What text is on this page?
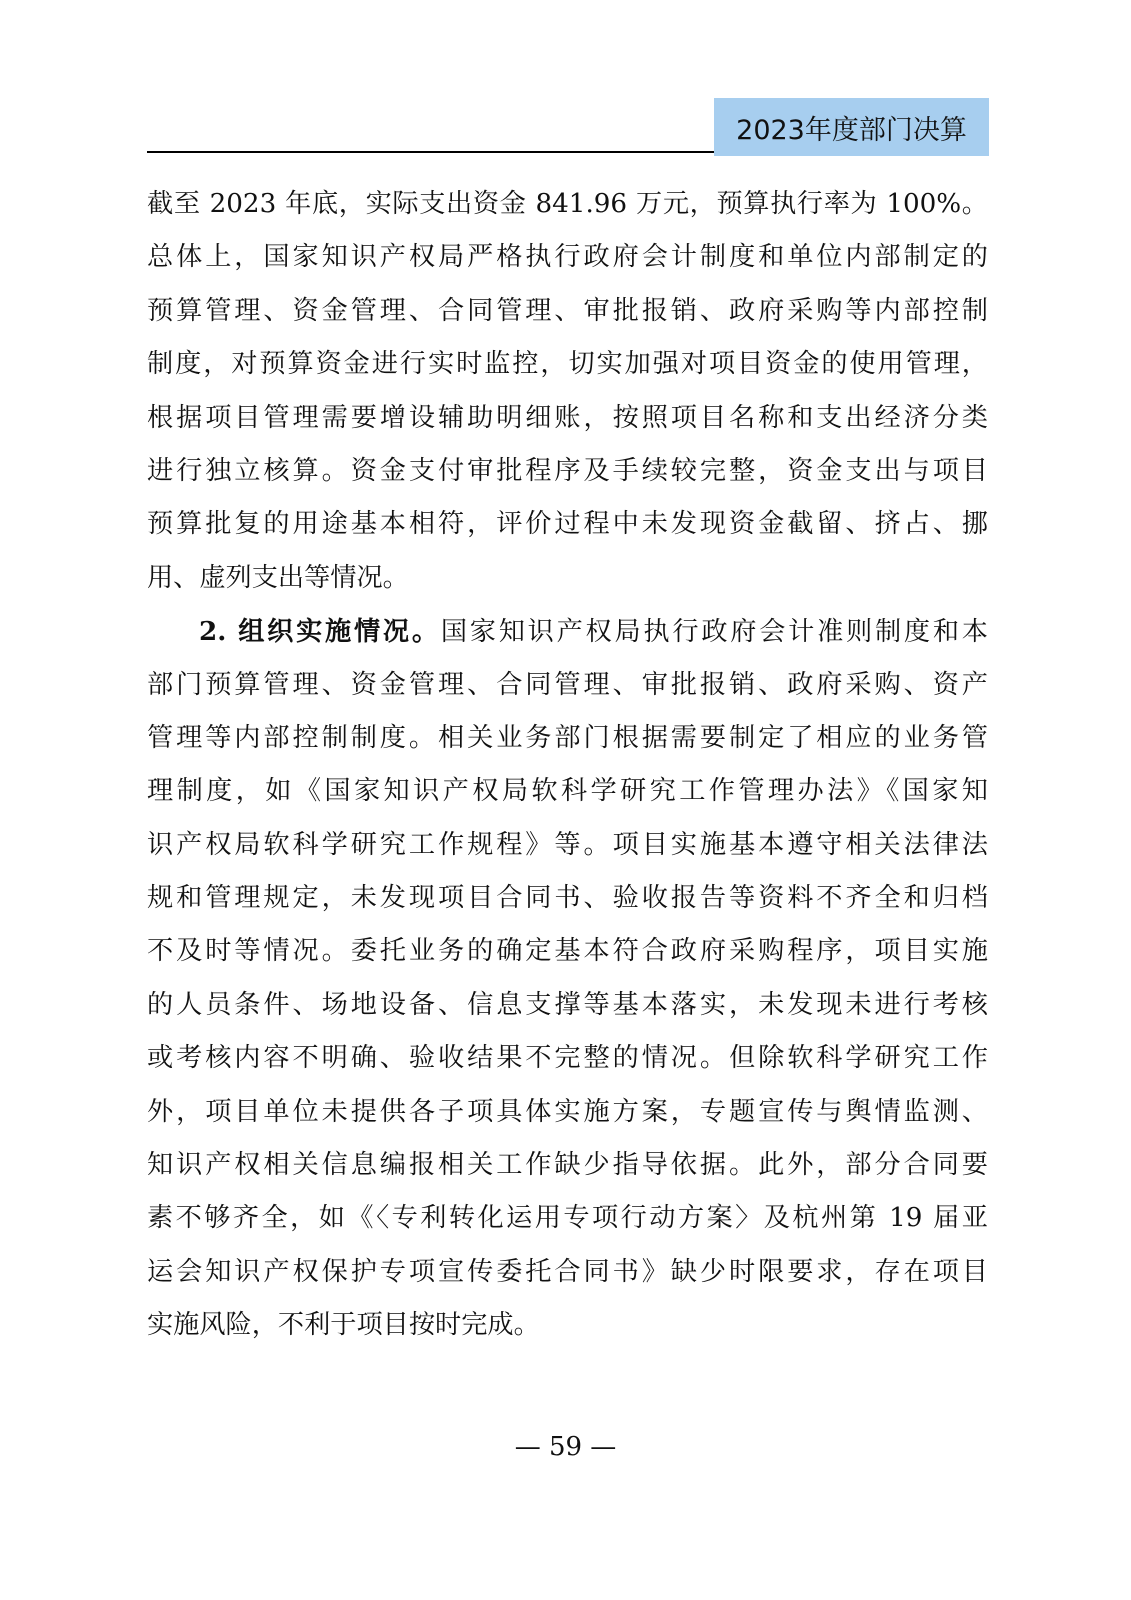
2023年度部门决算
截至 2023 年底，实际支出资金 841.96 万元，预算执行率为 100%。
总体上，国家知识产权局严格执行政府会计制度和单位内部制定的
预算管理、资金管理、合同管理、审批报销、政府采购等内部控制
制度，对预算资金进行实时监控，切实加强对项目资金的使用管理，
根据项目管理需要增设辅助明细账，按照项目名称和支出经济分类
进行独立核算。资金支付审批程序及手续较完整，资金支出与项目
预算批复的用途基本相符，评价过程中未发现资金截留、挤占、挪
用、虚列支出等情况。
2. 组织实施情况。国家知识产权局执行政府会计准则制度和本
部门预算管理、资金管理、合同管理、审批报销、政府采购、资产
管理等内部控制制度。相关业务部门根据需要制定了相应的业务管
理制度，如《国家知识产权局软科学研究工作管理办法》《国家知
识产权局软科学研究工作规程》等。项目实施基本遵守相关法律法
规和管理规定，未发现项目合同书、验收报告等资料不齐全和归档
不及时等情况。委托业务的确定基本符合政府采购程序，项目实施
的人员条件、场地设备、信息支撑等基本落实，未发现未进行考核
或考核内容不明确、验收结果不完整的情况。但除软科学研究工作
外，项目单位未提供各子项具体实施方案，专题宣传与舆情监测、
知识产权相关信息编报相关工作缺少指导依据。此外，部分合同要
素不够齐全，如《〈专利转化运用专项行动方案〉及杭州第 19 届亚
运会知识产权保护专项宣传委托合同书》缺少时限要求，存在项目
实施风险，不利于项目按时完成。
— 59 —
